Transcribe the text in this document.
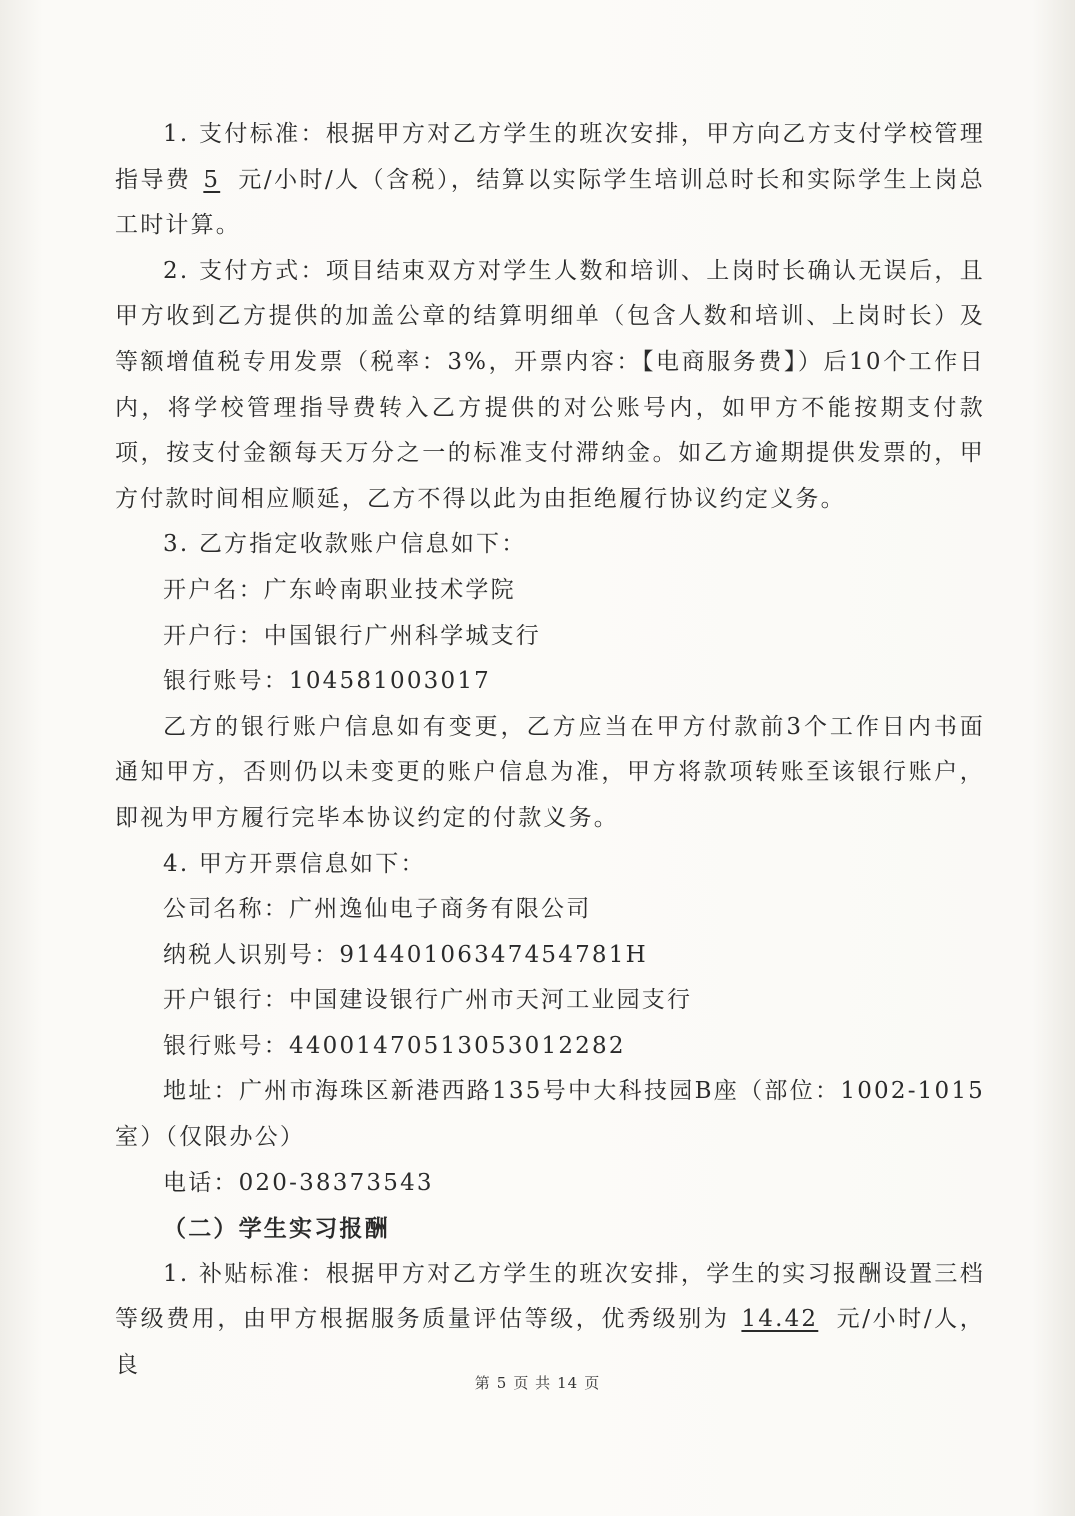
1. 支付标准：根据甲方对乙方学生的班次安排，甲方向乙方支付学校管理指导费 5 元/小时/人（含税），结算以实际学生培训总时长和实际学生上岗总工时计算。

2. 支付方式：项目结束双方对学生人数和培训、上岗时长确认无误后，且甲方收到乙方提供的加盖公章的结算明细单（包含人数和培训、上岗时长）及等额增值税专用发票（税率：3%，开票内容：【电商服务费】）后10个工作日内，将学校管理指导费转入乙方提供的对公账号内，如甲方不能按期支付款项，按支付金额每天万分之一的标准支付滞纳金。如乙方逾期提供发票的，甲方付款时间相应顺延，乙方不得以此为由拒绝履行协议约定义务。

3. 乙方指定收款账户信息如下：

开户名：广东岭南职业技术学院

开户行：中国银行广州科学城支行

银行账号：104581003017

乙方的银行账户信息如有变更，乙方应当在甲方付款前3个工作日内书面通知甲方，否则仍以未变更的账户信息为准，甲方将款项转账至该银行账户，即视为甲方履行完毕本协议约定的付款义务。

4. 甲方开票信息如下：

公司名称：广州逸仙电子商务有限公司

纳税人识别号：91440106347454781H

开户银行：中国建设银行广州市天河工业园支行

银行账号：44001470513053012282

地址：广州市海珠区新港西路135号中大科技园B座（部位：1002-1015室）（仅限办公）

电话：020-38373543

（二）学生实习报酬

1. 补贴标准：根据甲方对乙方学生的班次安排，学生的实习报酬设置三档等级费用，由甲方根据服务质量评估等级，优秀级别为 14.42 元/小时/人，良

第 5 页 共 14 页
